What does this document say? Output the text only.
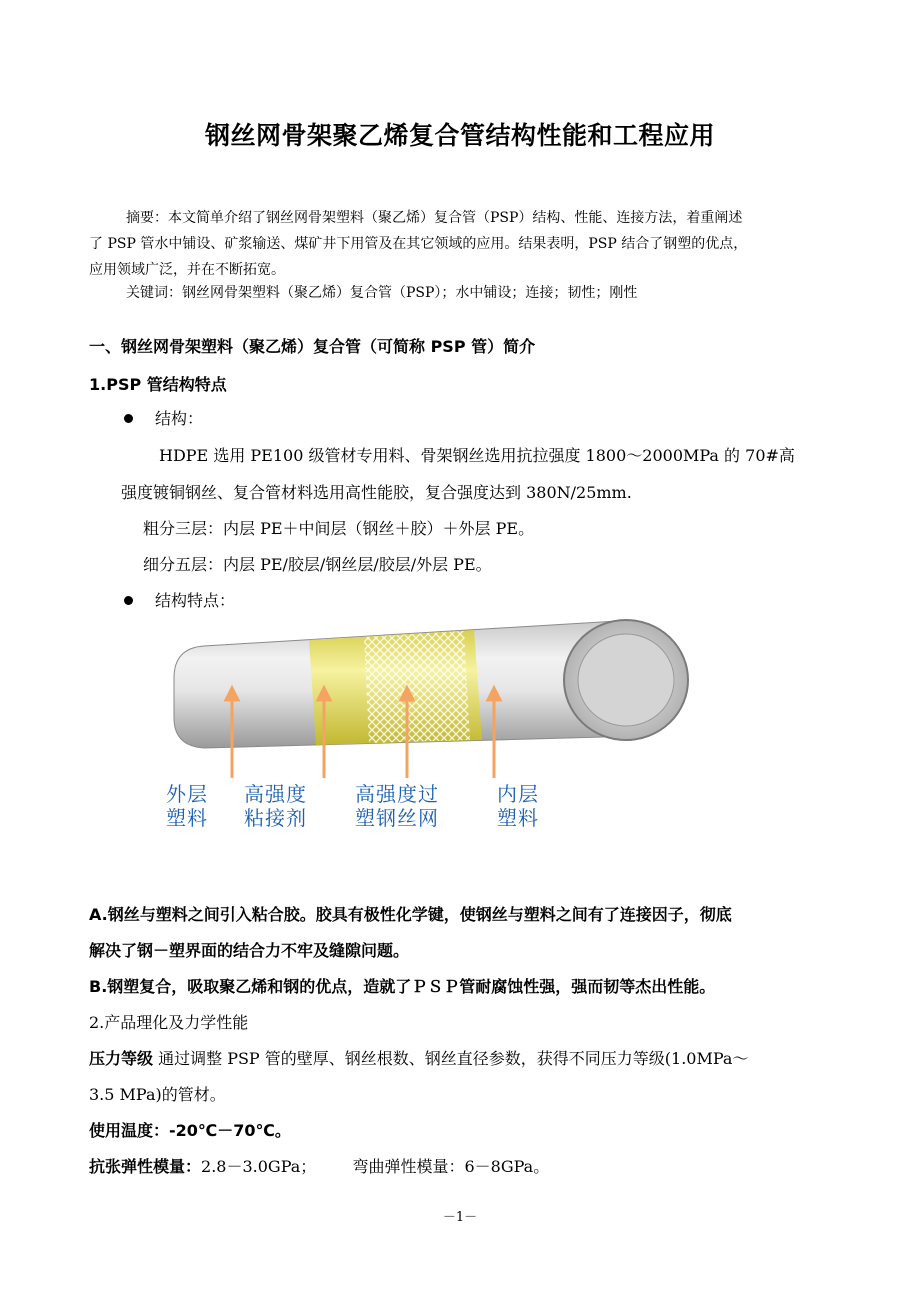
钢丝网骨架聚乙烯复合管结构性能和工程应用
摘要：本文简单介绍了钢丝网骨架塑料（聚乙烯）复合管（PSP）结构、性能、连接方法，着重阐述
了 PSP 管水中铺设、矿浆输送、煤矿井下用管及在其它领域的应用。结果表明，PSP 结合了钢塑的优点，
应用领域广泛，并在不断拓宽。
关键词：钢丝网骨架塑料（聚乙烯）复合管（PSP）；水中铺设；连接；韧性；刚性
一、钢丝网骨架塑料（聚乙烯）复合管（可简称 PSP 管）简介
1.PSP 管结构特点
结构：
HDPE 选用 PE100 级管材专用料、骨架钢丝选用抗拉强度 1800～2000MPa 的 70#高
强度镀铜钢丝、复合管材料选用高性能胶，复合强度达到 380N/25mm.
粗分三层：内层 PE＋中间层（钢丝＋胶）＋外层 PE。
细分五层：内层 PE/胶层/钢丝层/胶层/外层 PE。
结构特点：
外层
塑料
高强度
粘接剂
高强度过
塑钢丝网
内层
塑料
A.钢丝与塑料之间引入粘合胶。胶具有极性化学键，使钢丝与塑料之间有了连接因子，彻底
解决了钢－塑界面的结合力不牢及缝隙问题。
B.钢塑复合，吸取聚乙烯和钢的优点，造就了ＰＳＰ管耐腐蚀性强，强而韧等杰出性能。
2.产品理化及力学性能
压力等级 通过调整 PSP 管的壁厚、钢丝根数、钢丝直径参数，获得不同压力等级(1.0MPa～
3.5 MPa)的管材。
使用温度：-20℃－70℃。
抗张弹性模量：2.8－3.0GPa； 弯曲弹性模量：6－8GPa。
－1－
